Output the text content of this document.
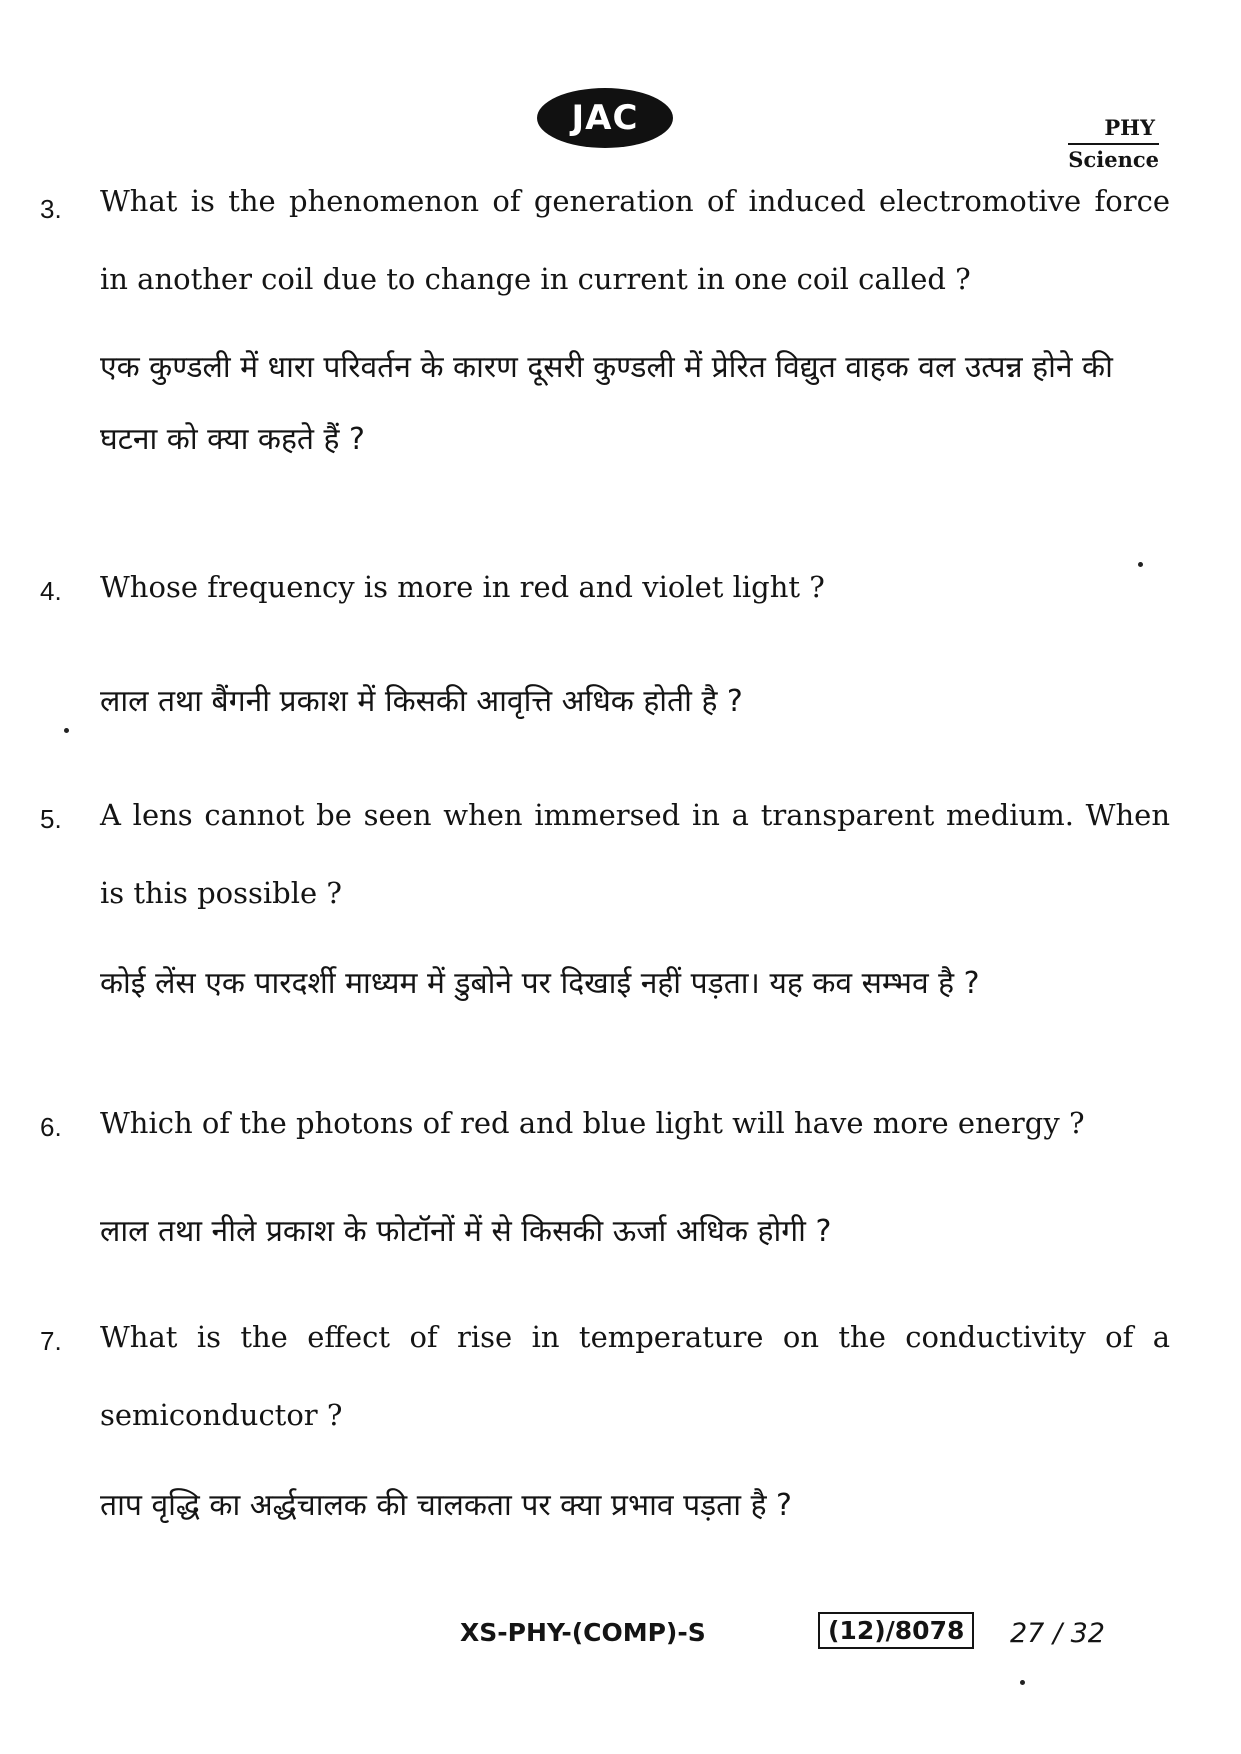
JAC	PHY
Science
3.	What is the phenomenon of generation of induced electromotive force in another coil due to change in current in one coil called ?
एक कुण्डली में धारा परिवर्तन के कारण दूसरी कुण्डली में प्रेरित विद्युत वाहक वल उत्पन्न होने की घटना को क्या कहते हैं ?
4.	Whose frequency is more in red and violet light ?
लाल तथा बैंगनी प्रकाश में किसकी आवृत्ति अधिक होती है ?
5.	A lens cannot be seen when immersed in a transparent medium. When is this possible ?
कोई लेंस एक पारदर्शी माध्यम में डुबोने पर दिखाई नहीं पड़ता। यह कव सम्भव है ?
6.	Which of the photons of red and blue light will have more energy ?
लाल तथा नीले प्रकाश के फोटॉनों में से किसकी ऊर्जा अधिक होगी ?
7.	What is the effect of rise in temperature on the conductivity of a semiconductor ?
ताप वृद्धि का अर्द्धचालक की चालकता पर क्या प्रभाव पड़ता है ?
XS-PHY-(COMP)-S	(12)/8078	27 / 32
